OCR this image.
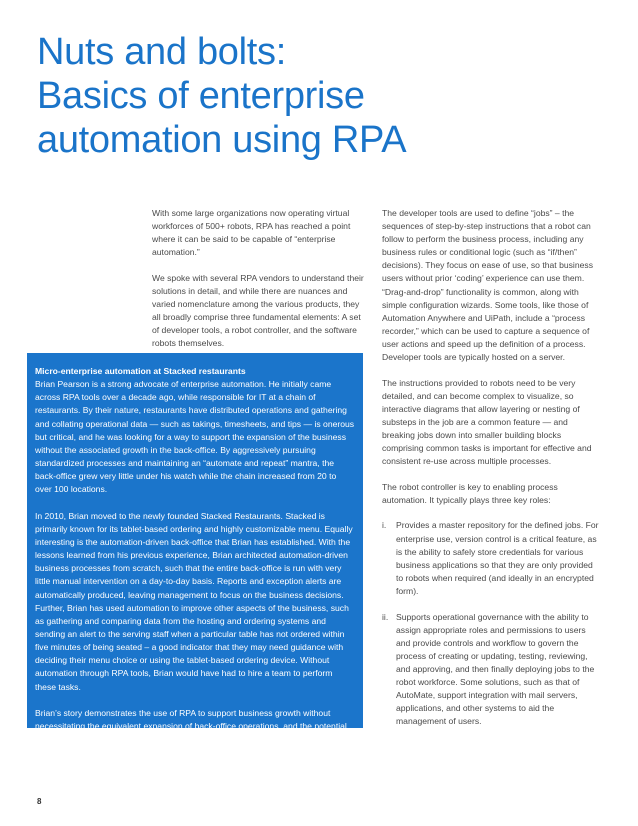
Nuts and bolts:
Basics of enterprise
automation using RPA

With some large organizations now operating virtual workforces of 500+ robots, RPA has reached a point where it can be said to be capable of “enterprise automation.”

We spoke with several RPA vendors to understand their solutions in detail, and while there are nuances and varied nomenclature among the various products, they all broadly comprise three fundamental elements: A set of developer tools, a robot controller, and the software robots themselves.

Micro-enterprise automation at Stacked restaurants

Brian Pearson is a strong advocate of enterprise automation. He initially came across RPA tools over a decade ago, while responsible for IT at a chain of restaurants. By their nature, restaurants have distributed operations and gathering and collating operational data — such as takings, timesheets, and tips — is onerous but critical, and he was looking for a way to support the expansion of the business without the associated growth in the back-office. By aggressively pursuing standardized processes and maintaining an “automate and repeat” mantra, the back-office grew very little under his watch while the chain increased from 20 to over 100 locations.

In 2010, Brian moved to the newly founded Stacked Restaurants. Stacked is primarily known for its tablet-based ordering and highly customizable menu. Equally interesting is the automation-driven back-office that Brian has established. With the lessons learned from his previous experience, Brian architected automation-driven business processes from scratch, such that the entire back-office is run with very little manual intervention on a day-to-day basis. Reports and exception alerts are automatically produced, leaving management to focus on the business decisions. Further, Brian has used automation to improve other aspects of the business, such as gathering and comparing data from the hosting and ordering systems and sending an alert to the serving staff when a particular table has not ordered within five minutes of being seated – a good indicator that they may need guidance with deciding their menu choice or using the tablet-based ordering device. Without automation through RPA tools, Brian would have had to hire a team to perform these tasks.

Brian’s story demonstrates the use of RPA to support business growth without necessitating the equivalent expansion of back-office operations, and the potential of using RPA to underpin new services — as applicable to a large enterprise trying to foster innovation as to a small one.

The developer tools are used to define “jobs” – the sequences of step-by-step instructions that a robot can follow to perform the business process, including any business rules or conditional logic (such as “if/then” decisions). They focus on ease of use, so that business users without prior ‘coding’ experience can use them. “Drag-and-drop” functionality is common, along with simple configuration wizards. Some tools, like those of Automation Anywhere and UiPath, include a “process recorder,” which can be used to capture a sequence of user actions and speed up the definition of a process. Developer tools are typically hosted on a server.

The instructions provided to robots need to be very detailed, and can become complex to visualize, so interactive diagrams that allow layering or nesting of substeps in the job are a common feature — and breaking jobs down into smaller building blocks comprising common tasks is important for effective and consistent re-use across multiple processes.

The robot controller is key to enabling process automation. It typically plays three key roles:

i. Provides a master repository for the defined jobs. For enterprise use, version control is a critical feature, as is the ability to safely store credentials for various business applications so that they are only provided to robots when required (and ideally in an encrypted form).
ii. Supports operational governance with the ability to assign appropriate roles and permissions to users and provide controls and workflow to govern the process of creating or updating, testing, reviewing, and approving, and then finally deploying jobs to the robot workforce. Some solutions, such as that of AutoMate, support integration with mail servers, applications, and other systems to aid the management of users.
8
